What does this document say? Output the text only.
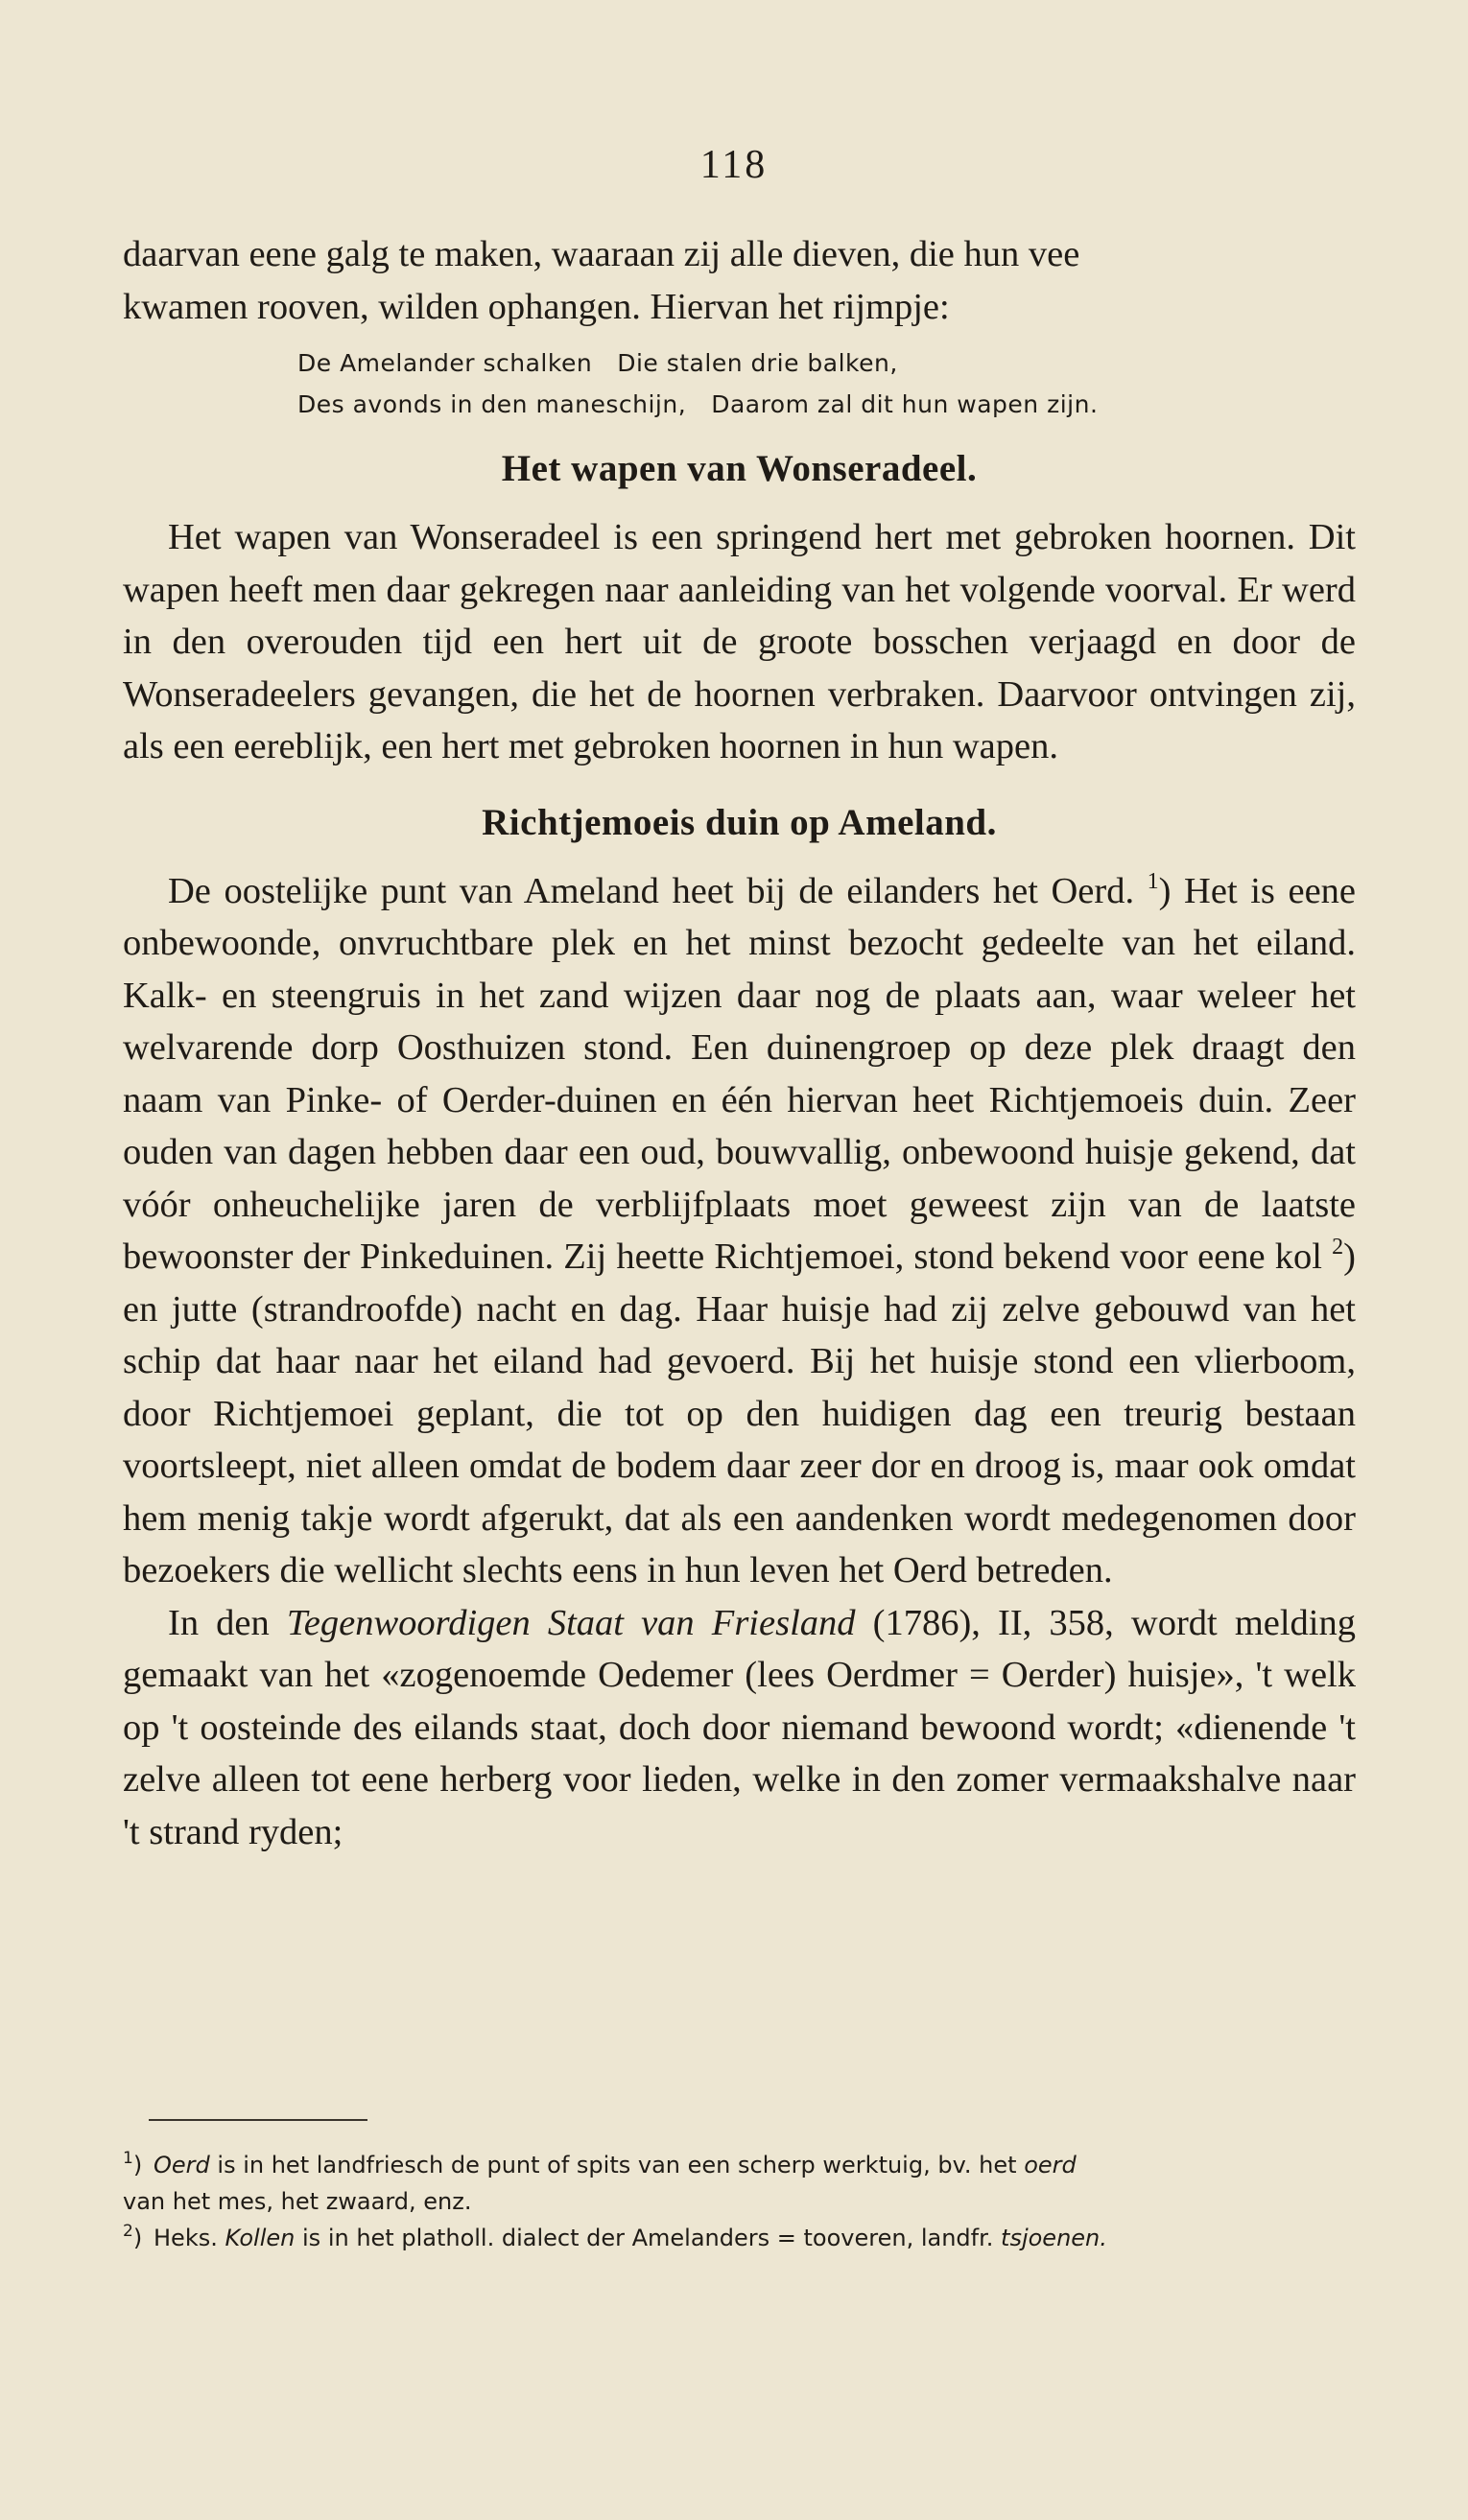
118

daarvan eene galg te maken, waaraan zij alle dieven, die hun vee
kwamen rooven, wilden ophangen. Hiervan het rijmpje:

De Amelander schalken Die stalen drie balken,
Des avonds in den maneschijn, Daarom zal dit hun wapen zijn.
Het wapen van Wonseradeel.

Het wapen van Wonseradeel is een springend hert met gebroken hoornen. Dit wapen heeft men daar gekregen naar aanleiding van het volgende voorval. Er werd in den overouden tijd een hert uit de groote bosschen verjaagd en door de Wonseradeelers gevangen, die het de hoornen verbraken. Daarvoor ontvingen zij, als een eereblijk, een hert met gebroken hoornen in hun wapen.

Richtjemoeis duin op Ameland.

De oostelijke punt van Ameland heet bij de eilanders het Oerd. $^1$) Het is eene onbewoonde, onvruchtbare plek en het minst bezocht gedeelte van het eiland. Kalk- en steengruis in het zand wijzen daar nog de plaats aan, waar weleer het welvarende dorp Oosthuizen stond. Een duinengroep op deze plek draagt den naam van Pinke- of Oerder-duinen en één hiervan heet Richtjemoeis duin. Zeer ouden van dagen hebben daar een oud, bouwvallig, onbewoond huisje gekend, dat vóór onheuchelijke jaren de verblijfplaats moet geweest zijn van de laatste bewoonster der Pinkeduinen. Zij heette Richtjemoei, stond bekend voor eene kol $^2$) en jutte (strandroofde) nacht en dag. Haar huisje had zij zelve gebouwd van het schip dat haar naar het eiland had gevoerd. Bij het huisje stond een vlierboom, door Richtjemoei geplant, die tot op den huidigen dag een treurig bestaan voortsleept, niet alleen omdat de bodem daar zeer dor en droog is, maar ook omdat hem menig takje wordt afgerukt, dat als een aandenken wordt medegenomen door bezoekers die wellicht slechts eens in hun leven het Oerd betreden.

In den Tegenwoordigen Staat van Friesland (1786), II, 358, wordt melding gemaakt van het «zogenoemde Oedemer (lees Oerdmer = Oerder) huisje», 't welk op 't oosteinde des eilands staat, doch door niemand bewoond wordt; «dienende 't zelve alleen tot eene herberg voor lieden, welke in den zomer vermaakshalve naar 't strand ryden;

$^1$) Oerd is in het landfriesch de punt of spits van een scherp werktuig, bv. het oerd

van het mes, het zwaard, enz.

$^2$) Heks. Kollen is in het platholl. dialect der Amelanders = tooveren, landfr. tsjoenen.
